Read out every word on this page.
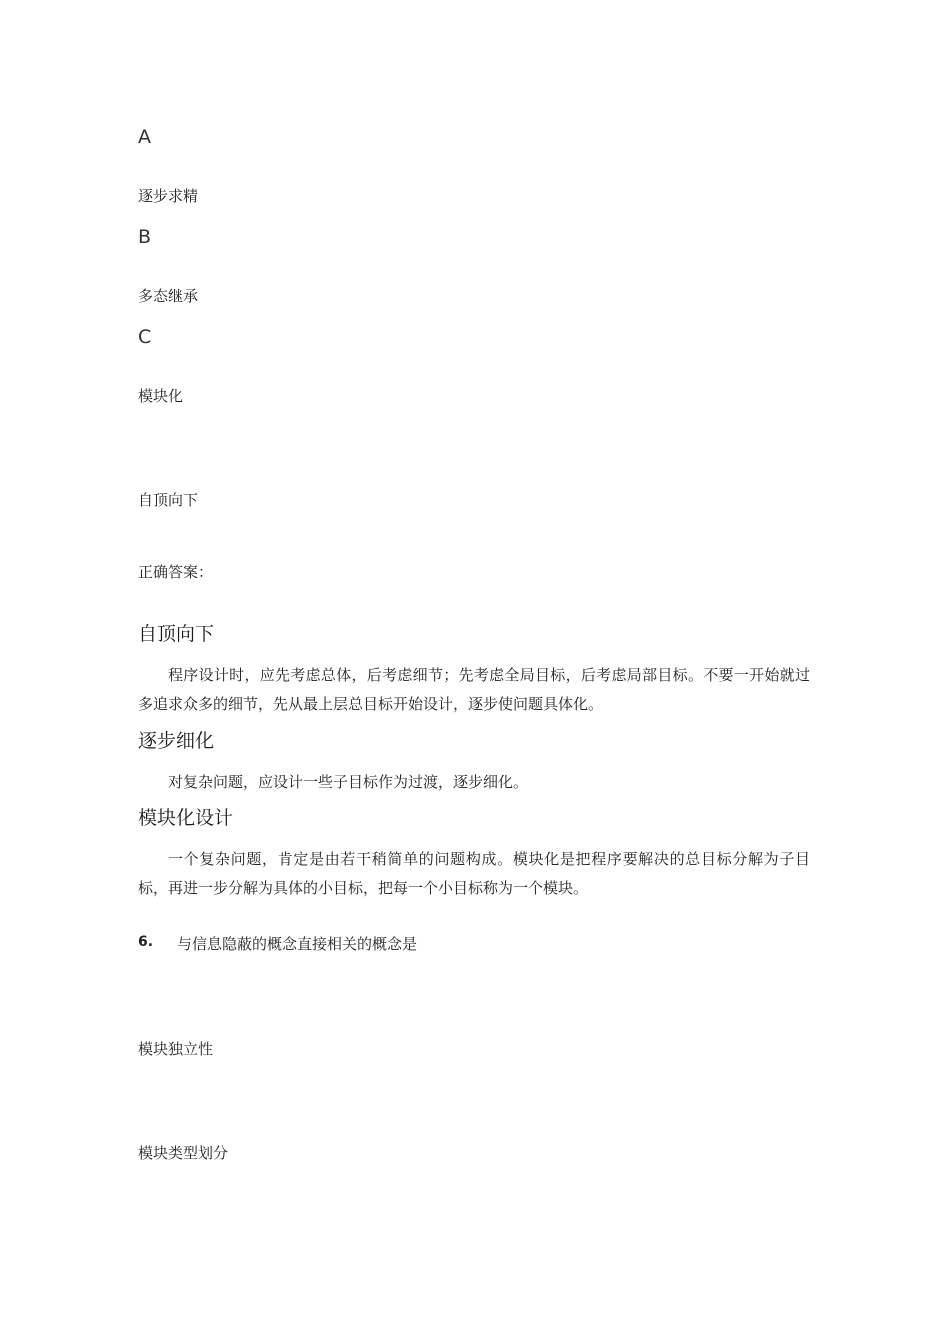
A
逐步求精
B
多态继承
C
模块化
自顶向下
正确答案：
自顶向下
程序设计时，应先考虑总体，后考虑细节；先考虑全局目标，后考虑局部目标。不要一开始就过多追求众多的细节，先从最上层总目标开始设计，逐步使问题具体化。
逐步细化
对复杂问题，应设计一些子目标作为过渡，逐步细化。
模块化设计
一个复杂问题，肯定是由若干稍简单的问题构成。模块化是把程序要解决的总目标分解为子目标，再进一步分解为具体的小目标，把每一个小目标称为一个模块。
6. 与信息隐蔽的概念直接相关的概念是
模块独立性
模块类型划分
